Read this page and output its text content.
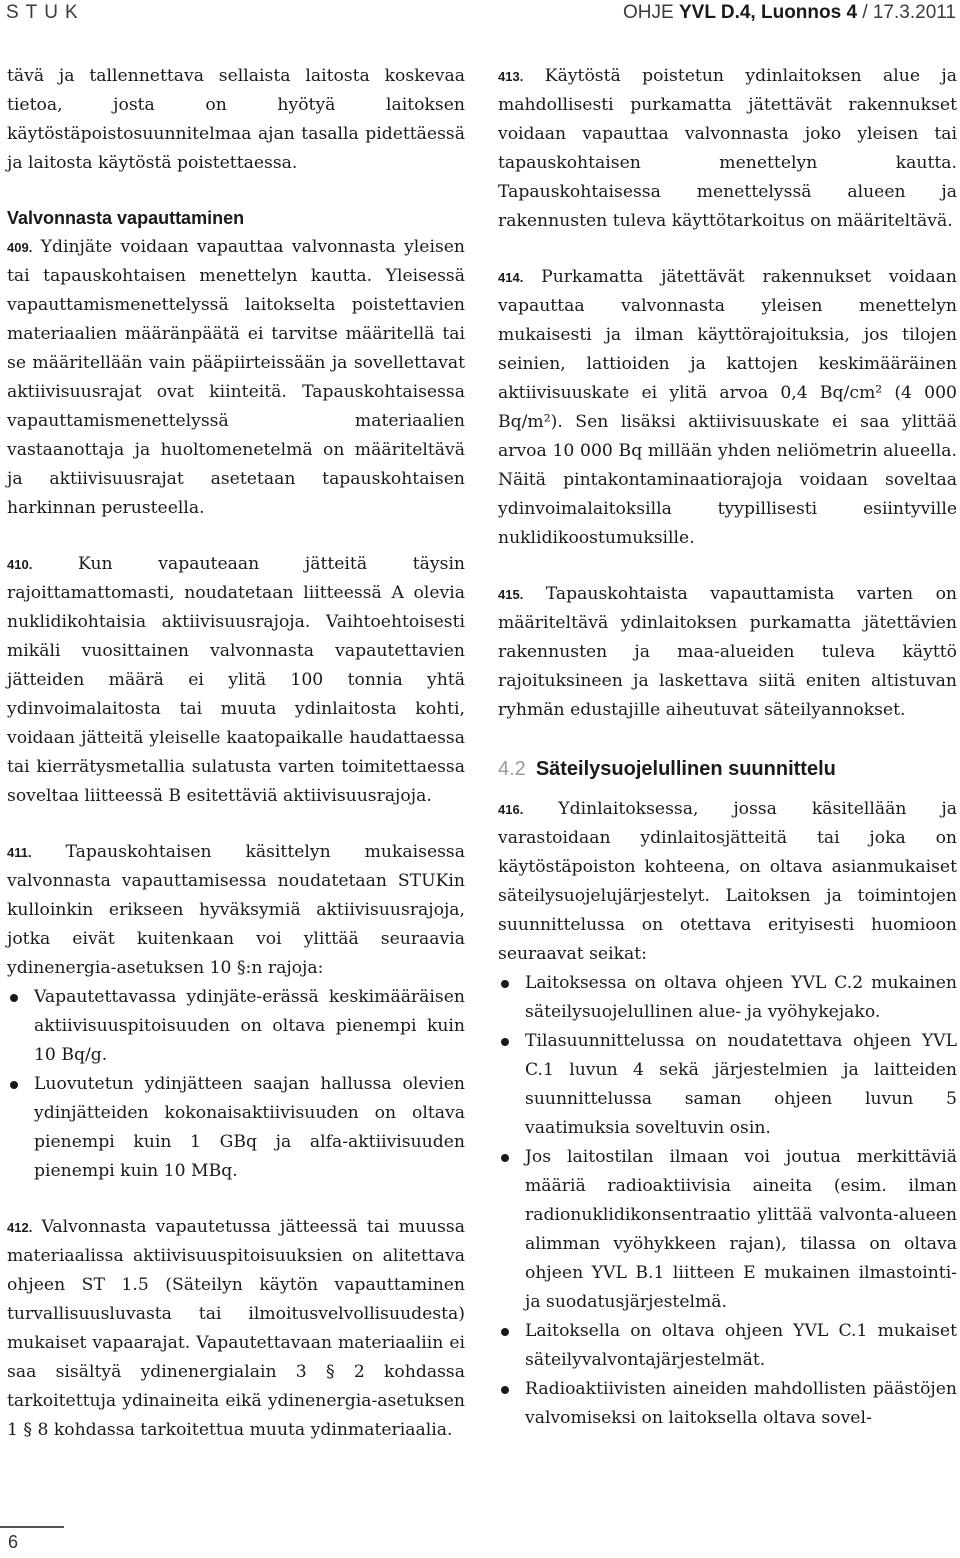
STUK	OHJE YVL D.4, Luonnos 4 / 17.3.2011

tävä ja tallennettava sellaista laitosta koskevaa tietoa, josta on hyötyä laitoksen käytöstäpoistosuunnitelmaa ajan tasalla pidettäessä ja laitosta käytöstä poistettaessa.

Valvonnasta vapauttaminen

409. Ydinjäte voidaan vapauttaa valvonnasta yleisen tai tapauskohtaisen menettelyn kautta. Yleisessä vapauttamismenettelyssä laitokselta poistettavien materiaalien määränpäätä ei tarvitse määritellä tai se määritellään vain pääpiirteissään ja sovellettavat aktiivisuusrajat ovat kiinteitä. Tapauskohtaisessa vapauttamismenettelyssä materiaalien vastaanottaja ja huoltomenetelmä on määriteltävä ja aktiivisuusrajat asetetaan tapauskohtaisen harkinnan perusteella.

410.	Kun vapauteaan jätteitä täysin rajoittamattomasti, noudatetaan liitteessä A olevia nuklidikohtaisia aktiivisuusrajoja. Vaihtoehtoisesti mikäli vuosittainen valvonnasta vapautettavien jätteiden määrä ei ylitä 100 tonnia yhtä ydinvoimalaitosta tai muuta ydinlaitosta kohti, voidaan jätteitä yleiselle kaatopaikalle haudattaessa tai kierrätysmetallia sulatusta varten toimitettaessa soveltaa liitteessä B esitettäviä aktiivisuusrajoja.

411. Tapauskohtaisen käsittelyn mukaisessa valvonnasta vapauttamisessa noudatetaan STUKin kulloinkin erikseen hyväksymiä aktiivisuusrajoja, jotka eivät kuitenkaan voi ylittää seuraavia ydinenergia-asetuksen 10 §:n rajoja:

Vapautettavassa ydinjäte-erässä keskimääräisen aktiivisuuspitoisuuden on oltava pienempi kuin 10 Bq/g.
Luovutetun ydinjätteen saajan hallussa olevien ydinjätteiden kokonaisaktiivisuuden on oltava pienempi kuin 1 GBq ja alfa-aktiivisuuden pienempi kuin 10 MBq.

412. Valvonnasta vapautetussa jätteessä tai muussa materiaalissa aktiivisuuspitoisuuksien on alitettava ohjeen ST 1.5 (Säteilyn käytön vapauttaminen turvallisuusluvasta tai ilmoitusvelvollisuudesta) mukaiset vapaarajat. Vapautettavaan materiaaliin ei saa sisältyä ydinenergialain 3 § 2 kohdassa tarkoitettuja ydinaineita eikä ydinenergia-asetuksen 1 § 8 kohdassa tarkoitettua muuta ydinmateriaalia.

413. Käytöstä poistetun ydinlaitoksen alue ja mahdollisesti purkamatta jätettävät rakennukset voidaan vapauttaa valvonnasta joko yleisen tai tapauskohtaisen menettelyn kautta. Tapauskohtaisessa menettelyssä alueen ja rakennusten tuleva käyttötarkoitus on määriteltävä.

414. Purkamatta jätettävät rakennukset voidaan vapauttaa valvonnasta yleisen menettelyn mukaisesti ja ilman käyttörajoituksia, jos tilojen seinien, lattioiden ja kattojen keskimääräinen aktiivisuuskate ei ylitä arvoa 0,4 Bq/cm² (4 000 Bq/m²). Sen lisäksi aktiivisuuskate ei saa ylittää arvoa 10 000 Bq millään yhden neliömetrin alueella. Näitä pintakontaminaatiorajoja voidaan soveltaa ydinvoimalaitoksilla tyypillisesti esiintyville nuklidikoostumuksille.

415. Tapauskohtaista vapauttamista varten on määriteltävä ydinlaitoksen purkamatta jätettävien rakennusten ja maa-alueiden tuleva käyttö rajoituksineen ja laskettava siitä eniten altistuvan ryhmän edustajille aiheutuvat säteilyannokset.

4.2 Säteilysuojelullinen suunnittelu

416. Ydinlaitoksessa, jossa käsitellään ja varastoidaan ydinlaitosjätteitä tai joka on käytöstäpoiston kohteena, on oltava asianmukaiset säteilysuojelujärjestelyt. Laitoksen ja toimintojen suunnittelussa on otettava erityisesti huomioon seuraavat seikat:

Laitoksessa on oltava ohjeen YVL C.2 mukainen säteilysuojelullinen alue- ja vyöhykejako.
Tilasuunnittelussa on noudatettava ohjeen YVL C.1 luvun 4 sekä järjestelmien ja laitteiden suunnittelussa saman ohjeen luvun 5 vaatimuksia soveltuvin osin.
Jos laitostilan ilmaan voi joutua merkittäviä määriä radioaktiivisia aineita (esim. ilman radionuklidikonsentraatio ylittää valvonta-alueen alimman vyöhykkeen rajan), tilassa on oltava ohjeen YVL B.1 liitteen E mukainen ilmastointi- ja suodatusjärjestelmä.
Laitoksella on oltava ohjeen YVL C.1 mukaiset säteilyvalvontajärjestelmät.
Radioaktiivisten aineiden mahdollisten päästöjen valvomiseksi on laitoksella oltava sovel-
6
